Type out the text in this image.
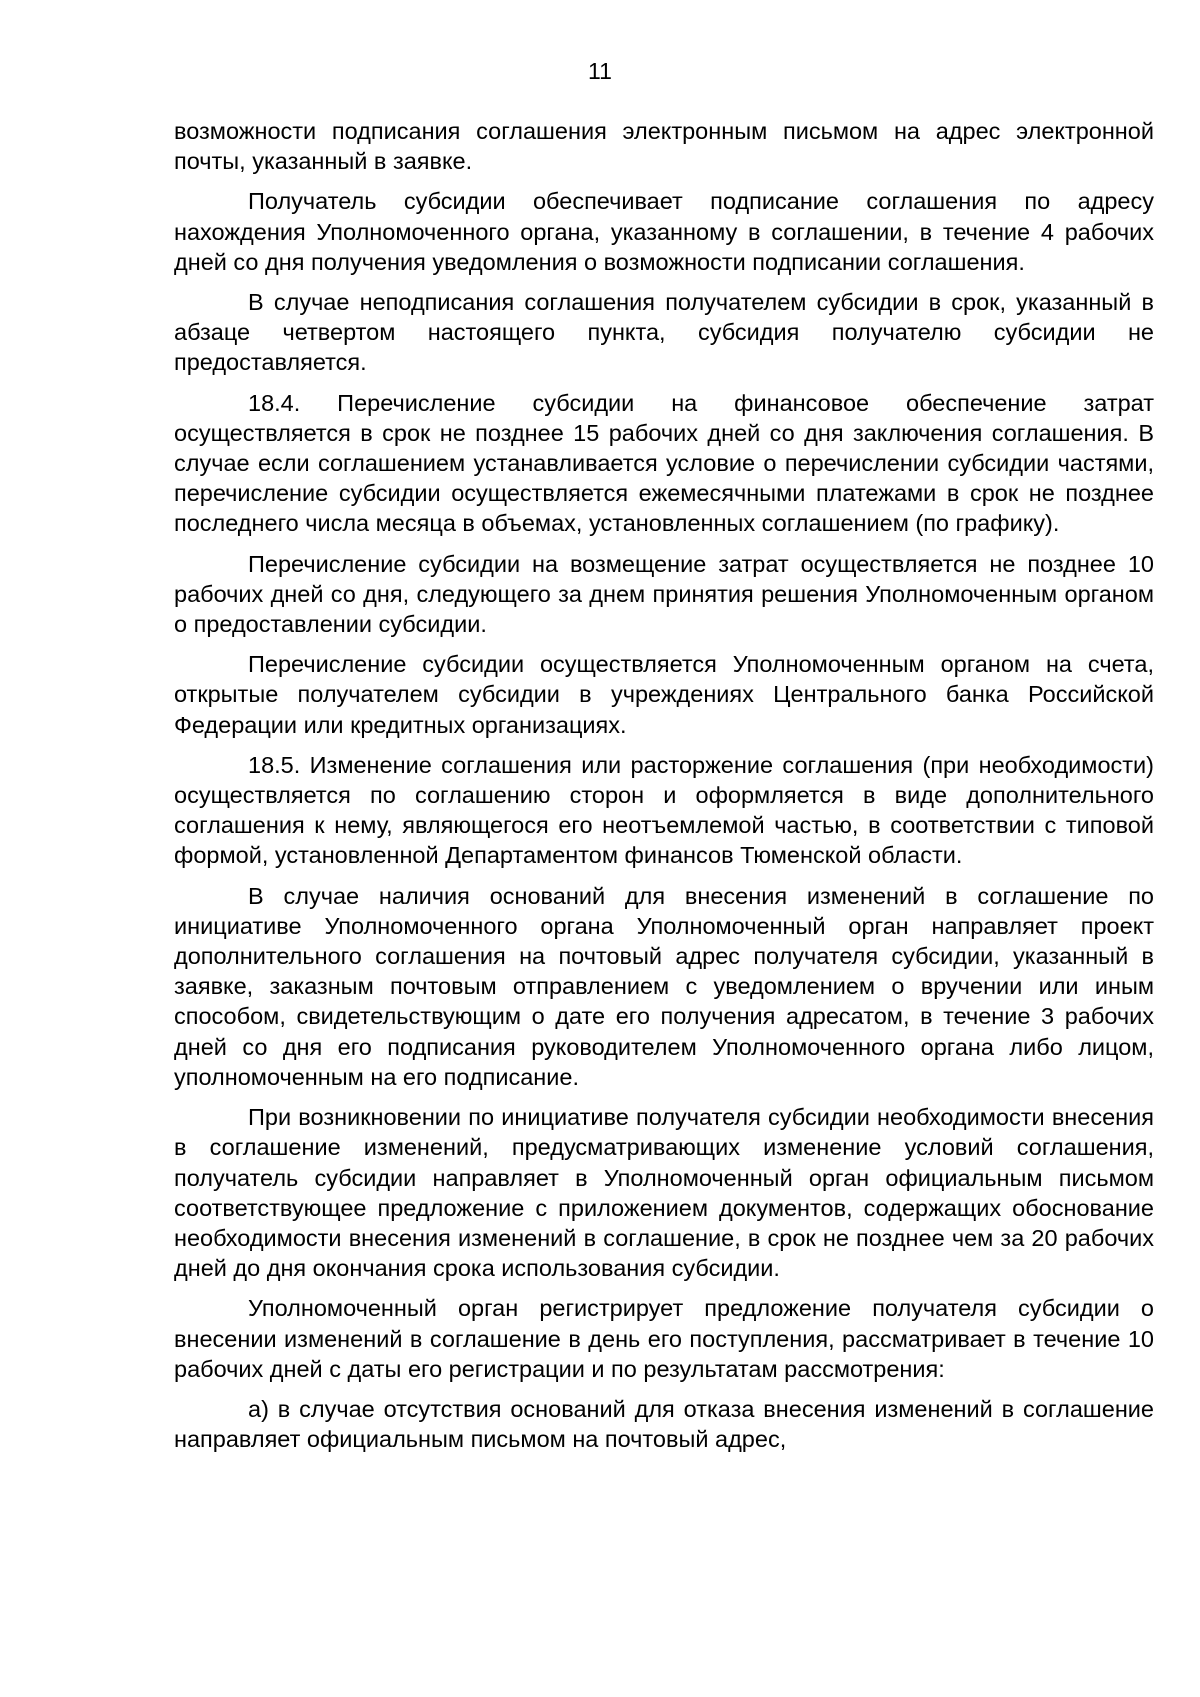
11

возможности подписания соглашения электронным письмом на адрес электронной почты, указанный в заявке.

Получатель субсидии обеспечивает подписание соглашения по адресу нахождения Уполномоченного органа, указанному в соглашении, в течение 4 рабочих дней со дня получения уведомления о возможности подписании соглашения.

В случае неподписания соглашения получателем субсидии в срок, указанный в абзаце четвертом настоящего пункта, субсидия получателю субсидии не предоставляется.

18.4. Перечисление субсидии на финансовое обеспечение затрат осуществляется в срок не позднее 15 рабочих дней со дня заключения соглашения. В случае если соглашением устанавливается условие о перечислении субсидии частями, перечисление субсидии осуществляется ежемесячными платежами в срок не позднее последнего числа месяца в объемах, установленных соглашением (по графику).

Перечисление субсидии на возмещение затрат осуществляется не позднее 10 рабочих дней со дня, следующего за днем принятия решения Уполномоченным органом о предоставлении субсидии.

Перечисление субсидии осуществляется Уполномоченным органом на счета, открытые получателем субсидии в учреждениях Центрального банка Российской Федерации или кредитных организациях.

18.5. Изменение соглашения или расторжение соглашения (при необходимости) осуществляется по соглашению сторон и оформляется в виде дополнительного соглашения к нему, являющегося его неотъемлемой частью, в соответствии с типовой формой, установленной Департаментом финансов Тюменской области.

В случае наличия оснований для внесения изменений в соглашение по инициативе Уполномоченного органа Уполномоченный орган направляет проект дополнительного соглашения на почтовый адрес получателя субсидии, указанный в заявке, заказным почтовым отправлением с уведомлением о вручении или иным способом, свидетельствующим о дате его получения адресатом, в течение 3 рабочих дней со дня его подписания руководителем Уполномоченного органа либо лицом, уполномоченным на его подписание.

При возникновении по инициативе получателя субсидии необходимости внесения в соглашение изменений, предусматривающих изменение условий соглашения, получатель субсидии направляет в Уполномоченный орган официальным письмом соответствующее предложение с приложением документов, содержащих обоснование необходимости внесения изменений в соглашение, в срок не позднее чем за 20 рабочих дней до дня окончания срока использования субсидии.

Уполномоченный орган регистрирует предложение получателя субсидии о внесении изменений в соглашение в день его поступления, рассматривает в течение 10 рабочих дней с даты его регистрации и по результатам рассмотрения:

а) в случае отсутствия оснований для отказа внесения изменений в соглашение направляет официальным письмом на почтовый адрес,
